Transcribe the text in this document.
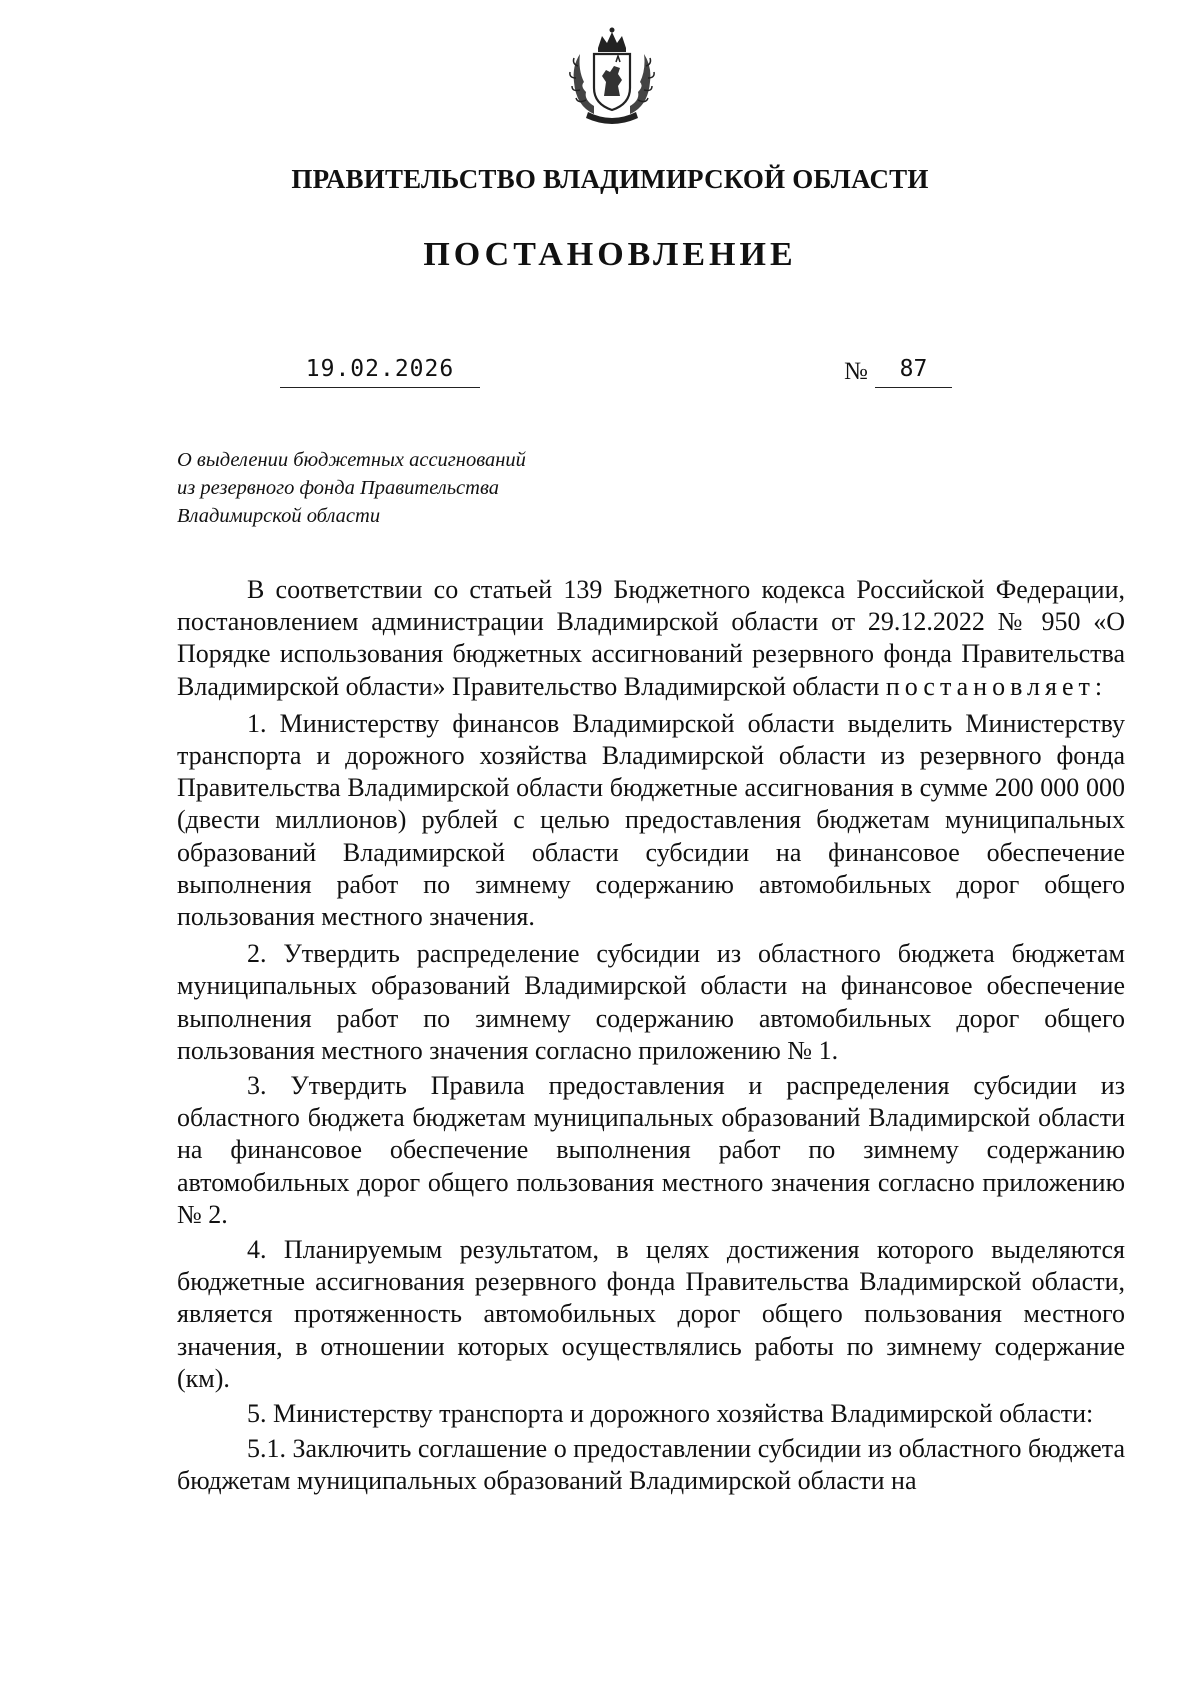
ПРАВИТЕЛЬСТВО ВЛАДИМИРСКОЙ ОБЛАСТИ
ПОСТАНОВЛЕНИЕ
19.02.2026	№	87
О выделении бюджетных ассигнований
из резервного фонда Правительства
Владимирской области

В соответствии со статьей 139 Бюджетного кодекса Российской Федерации, постановлением администрации Владимирской области от 29.12.2022 № 950 «О Порядке использования бюджетных ассигнований резервного фонда Правительства Владимирской области» Правительство Владимирской области постановляет:

1. Министерству финансов Владимирской области выделить Министерству транспорта и дорожного хозяйства Владимирской области из резервного фонда Правительства Владимирской области бюджетные ассигнования в сумме 200 000 000 (двести миллионов) рублей с целью предоставления бюджетам муниципальных образований Владимирской области субсидии на финансовое обеспечение выполнения работ по зимнему содержанию автомобильных дорог общего пользования местного значения.

2. Утвердить распределение субсидии из областного бюджета бюджетам муниципальных образований Владимирской области на финансовое обеспечение выполнения работ по зимнему содержанию автомобильных дорог общего пользования местного значения согласно приложению № 1.

3. Утвердить Правила предоставления и распределения субсидии из областного бюджета бюджетам муниципальных образований Владимирской области на финансовое обеспечение выполнения работ по зимнему содержанию автомобильных дорог общего пользования местного значения согласно приложению № 2.

4. Планируемым результатом, в целях достижения которого выделяются бюджетные ассигнования резервного фонда Правительства Владимирской области, является протяженность автомобильных дорог общего пользования местного значения, в отношении которых осуществлялись работы по зимнему содержание (км).

5. Министерству транспорта и дорожного хозяйства Владимирской области:

5.1. Заключить соглашение о предоставлении субсидии из областного бюджета бюджетам муниципальных образований Владимирской области на
